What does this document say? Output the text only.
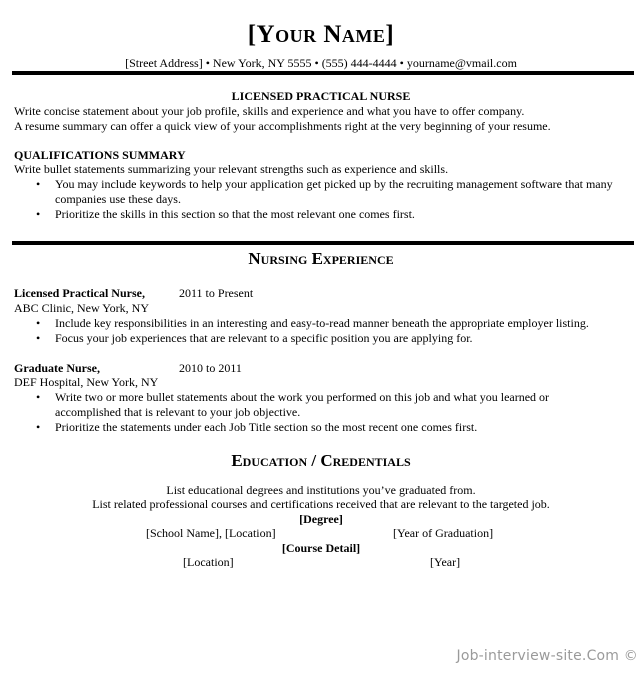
[Your Name]
[Street Address] • New York, NY 5555 • (555) 444-4444 • yourname@vmail.com
LICENSED PRACTICAL NURSE
Write concise statement about your job profile, skills and experience and what you have to offer company.
A resume summary can offer a quick view of your accomplishments right at the very beginning of your resume.
QUALIFICATIONS SUMMARY
Write bullet statements summarizing your relevant strengths such as experience and skills.
• You may include keywords to help your application get picked up by the recruiting management software that many companies use these days.
• Prioritize the skills in this section so that the most relevant one comes first.
Nursing Experience
Licensed Practical Nurse,	2011 to Present
ABC Clinic, New York, NY
• Include key responsibilities in an interesting and easy-to-read manner beneath the appropriate employer listing.
• Focus your job experiences that are relevant to a specific position you are applying for.
Graduate Nurse,	2010 to 2011
DEF Hospital, New York, NY
• Write two or more bullet statements about the work you performed on this job and what you learned or accomplished that is relevant to your job objective.
• Prioritize the statements under each Job Title section so the most recent one comes first.
Education / Credentials
List educational degrees and institutions you’ve graduated from.
List related professional courses and certifications received that are relevant to the targeted job.
[Degree]
[School Name], [Location]	[Year of Graduation]
[Course Detail]
[Location]	[Year]
Job-interview-site.Com ©
